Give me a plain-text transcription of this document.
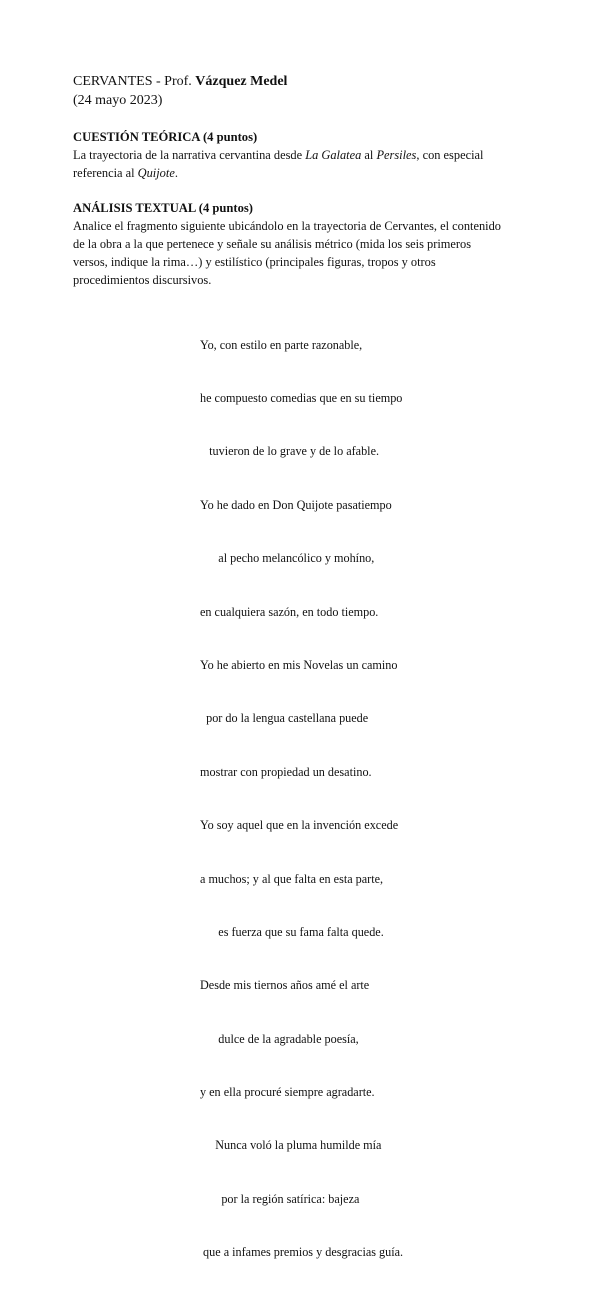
CERVANTES - Prof. Vázquez Medel
(24 mayo 2023)
CUESTIÓN TEÓRICA (4 puntos)
La trayectoria de la narrativa cervantina desde La Galatea al Persiles, con especial
referencia al Quijote.
ANÁLISIS TEXTUAL (4 puntos)
Analice el fragmento siguiente ubicándolo en la trayectoria de Cervantes, el contenido
de la obra a la que pertenece y señale su análisis métrico (mida los seis primeros
versos, indique la rima…) y estilístico (principales figuras, tropos y otros
procedimientos discursivos.

Yo, con estilo en parte razonable,

he compuesto comedias que en su tiempo

tuvieron de lo grave y de lo afable.

Yo he dado en Don Quijote pasatiempo

al pecho melancólico y mohíno,

en cualquiera sazón, en todo tiempo.

Yo he abierto en mis Novelas un camino

por do la lengua castellana puede

mostrar con propiedad un desatino.

Yo soy aquel que en la invención excede

a muchos; y al que falta en esta parte,

es fuerza que su fama falta quede.

Desde mis tiernos años amé el arte

dulce de la agradable poesía,

y en ella procuré siempre agradarte.

Nunca voló la pluma humilde mía

por la región satírica: bajeza

que a infames premios y desgracias guía.
